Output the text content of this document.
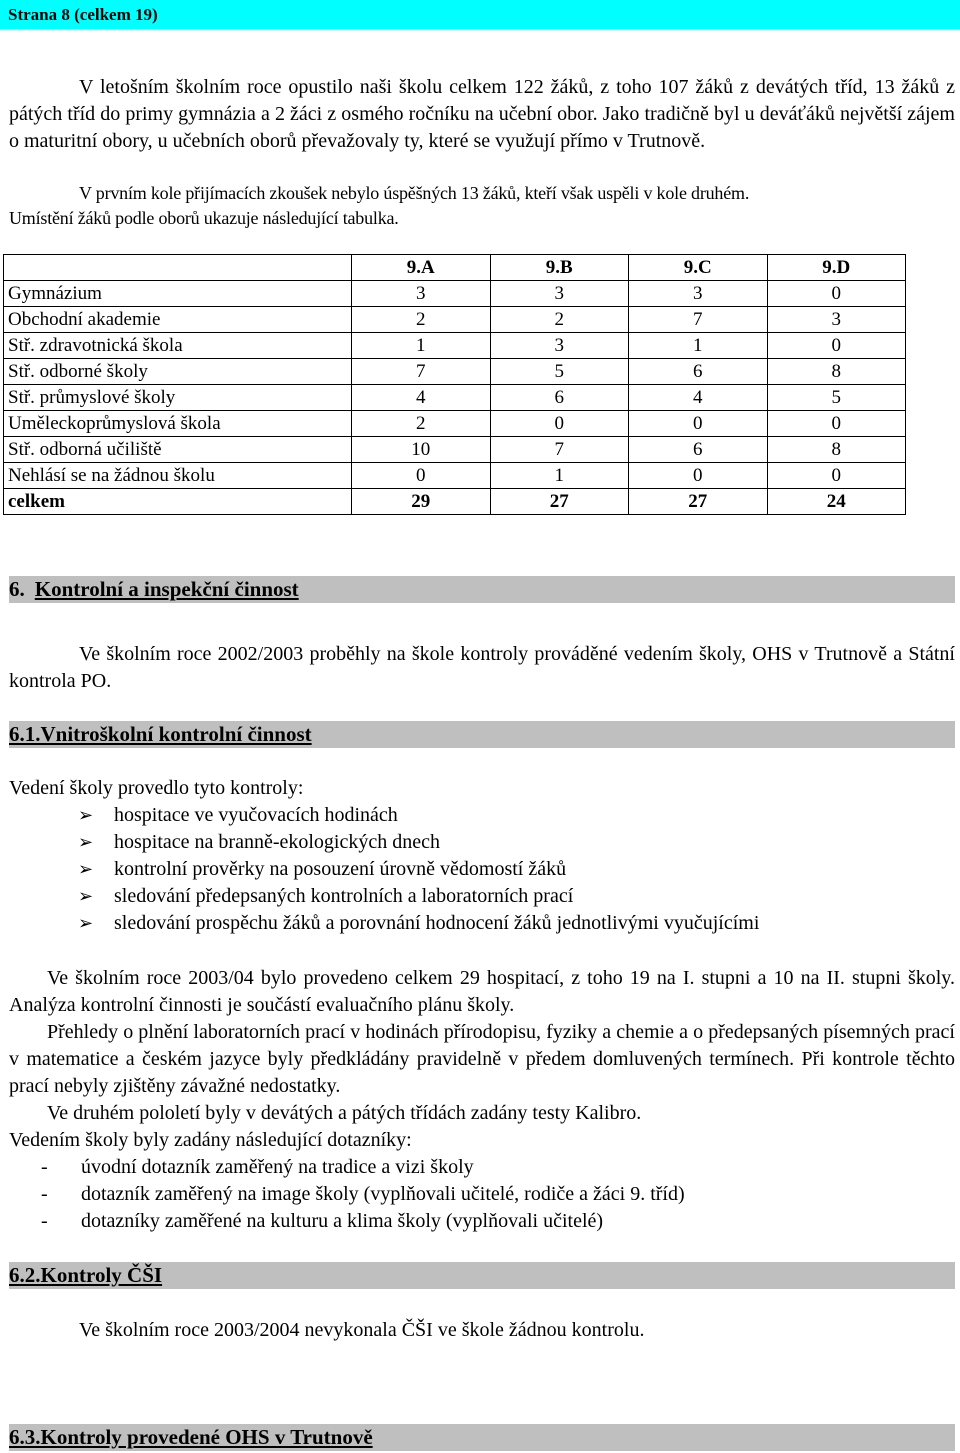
Strana 8 (celkem 19)

V letošním školním roce opustilo naši školu celkem 122 žáků, z toho 107 žáků z devátých tříd, 13 žáků z pátých tříd do primy gymnázia a 2 žáci z osmého ročníku na učební obor. Jako tradičně byl u deváťáků největší zájem o maturitní obory, u učebních oborů převažovaly ty, které se využují přímo v Trutnově.

V prvním kole přijímacích zkoušek nebylo úspěšných 13 žáků, kteří však uspěli v kole druhém.

Umístění žáků podle oborů ukazuje následující tabulka.

	9.A	9.B	9.C	9.D
Gymnázium	3	3	3	0
Obchodní akademie	2	2	7	3
Stř. zdravotnická škola	1	3	1	0
Stř. odborné školy	7	5	6	8
Stř. průmyslové školy	4	6	4	5
Uměleckoprůmyslová škola	2	0	0	0
Stř. odborná učiliště	10	7	6	8
Nehlásí se na žádnou školu	0	1	0	0
celkem	29	27	27	24
6. Kontrolní a inspekční činnost

Ve školním roce 2002/2003 proběhly na škole kontroly prováděné vedením školy, OHS v Trutnově a Státní kontrola PO.

6.1.Vnitroškolní kontrolní činnost

Vedení školy provedlo tyto kontroly:

➢ hospitace ve vyučovacích hodinách
➢ hospitace na branně-ekologických dnech
➢ kontrolní prověrky na posouzení úrovně vědomostí žáků
➢ sledování předepsaných kontrolních a laboratorních prací
➢ sledování prospěchu žáků a porovnání hodnocení žáků jednotlivými vyučujícími

Ve školním roce 2003/04 bylo provedeno celkem 29 hospitací, z toho 19 na I. stupni a 10 na II. stupni školy. Analýza kontrolní činnosti je součástí evaluačního plánu školy.

Přehledy o plnění laboratorních prací v hodinách přírodopisu, fyziky a chemie a o předepsaných písemných prací v matematice a českém jazyce byly předkládány pravidelně v předem domluvených termínech. Při kontrole těchto prací nebyly zjištěny závažné nedostatky.

Ve druhém pololetí byly v devátých a pátých třídách zadány testy Kalibro.

Vedením školy byly zadány následující dotazníky:

- úvodní dotazník zaměřený na tradice a vizi školy
- dotazník zaměřený na image školy (vyplňovali učitelé, rodiče a žáci 9. tříd)
- dotazníky zaměřené na kulturu a klima školy (vyplňovali učitelé)
6.2.Kontroly ČŠI

Ve školním roce 2003/2004 nevykonala ČŠI ve škole žádnou kontrolu.

6.3.Kontroly provedené OHS v Trutnově
